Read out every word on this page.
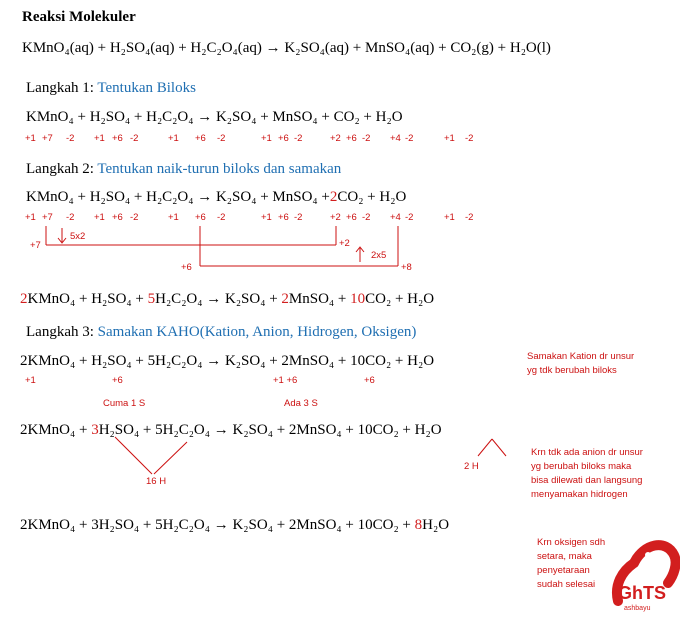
Reaksi Molekuler
KMnO₄(aq) + H₂SO₄(aq) + H₂C₂O₄(aq) → K₂SO₄(aq) + MnSO₄(aq) + CO₂(g) + H₂O(l)
Langkah 1: Tentukan Biloks
KMnO₄ + H₂SO₄ + H₂C₂O₄ → K₂SO₄ + MnSO₄ + CO₂ + H₂O
+1 +7 -2 +1 +6 -2	+1 +6 -2	+1 +6 -2	+2 +6 -2 +4 -2	+1 -2
Langkah 2: Tentukan naik-turun biloks dan samakan
KMnO₄ + H₂SO₄ + H₂C₂O₄ → K₂SO₄ + MnSO₄ +2CO₂ + H₂O
+1 +7 -2 +1 +6 -2	+1 +6 -2	+1 +6 -2	+2 +6 -2 +4 -2	+1 -2
+7
5x2
+2
+6
2x5
+8
2KMnO₄ + H₂SO₄ + 5H₂C₂O₄ → K₂SO₄ + 2MnSO₄ + 10CO₂ + H₂O
Langkah 3: Samakan KAHO(Kation, Anion, Hidrogen, Oksigen)
2KMnO₄ + H₂SO₄ + 5H₂C₂O₄ → K₂SO₄ + 2MnSO₄ + 10CO₂ + H₂O
+1	+6	+1 +6	+6
Samakan Kation dr unsur yg tdk berubah biloks
Cuma 1 S	Ada 3 S
2KMnO₄ + 3H₂SO₄ + 5H₂C₂O₄ → K₂SO₄ + 2MnSO₄ + 10CO₂ + H₂O
16 H
2 H
Krn tdk ada anion dr unsur yg berubah biloks maka bisa dilewati dan langsung menyamakan hidrogen
2KMnO₄ + 3H₂SO₄ + 5H₂C₂O₄ → K₂SO₄ + 2MnSO₄ + 10CO₂ + 8H₂O
Krn oksigen sdh setara, maka penyetaraan sudah selesai	GhTS
ashbayu
